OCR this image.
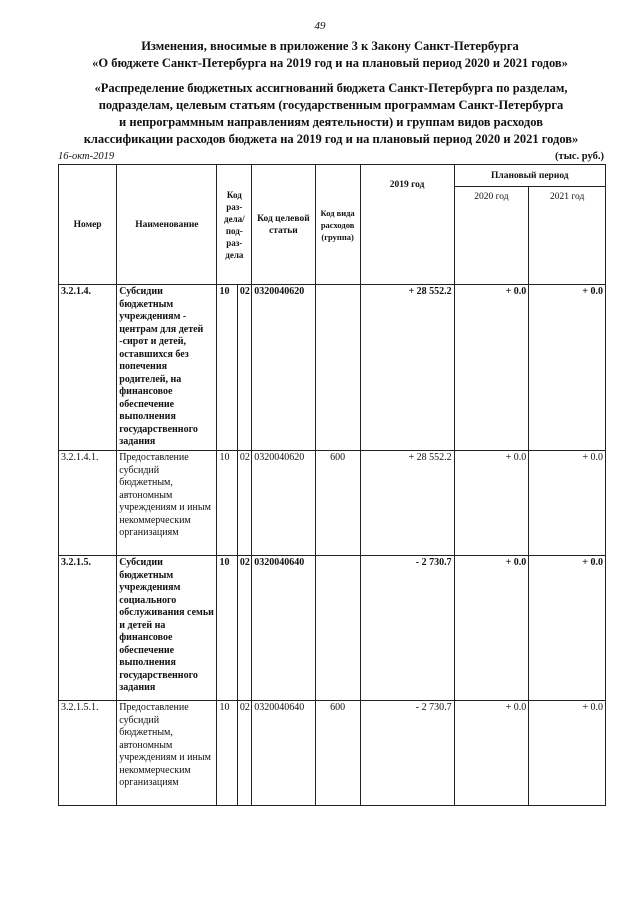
49
Изменения, вносимые в приложение 3 к Закону Санкт-Петербурга
«О бюджете Санкт-Петербурга на 2019 год и на плановый период 2020 и 2021 годов»
«Распределение бюджетных ассигнований бюджета Санкт-Петербурга по разделам,
подразделам, целевым статьям (государственным программам Санкт-Петербурга
и непрограммным направлениям деятельности) и группам видов расходов
классификации расходов бюджета на 2019 год и на плановый период 2020 и 2021 годов»
16-окт-2019	(тыс. руб.)
Номер	Наименование	Код раз-дела/ под-раз-дела		Код целевой статьи	Код вида расходов (группа)	2019 год	Плановый период	
							2020 год	2021 год
3.2.1.4.	Субсидии бюджетным учреждениям - центрам для детей -сирот и детей, оставшихся без попечения родителей, на финансовое обеспечение выполнения государственного задания	10	02	0320040620		+ 28 552.2	+ 0.0	+ 0.0
3.2.1.4.1.	Предоставление субсидий бюджетным, автономным учреждениям и иным некоммерческим организациям	10	02	0320040620	600	+ 28 552.2	+ 0.0	+ 0.0
3.2.1.5.	Субсидии бюджетным учреждениям социального обслуживания семьи и детей на финансовое обеспечение выполнения государственного задания	10	02	0320040640		- 2 730.7	+ 0.0	+ 0.0
3.2.1.5.1.	Предоставление субсидий бюджетным, автономным учреждениям и иным некоммерческим организациям	10	02	0320040640	600	- 2 730.7	+ 0.0	+ 0.0
